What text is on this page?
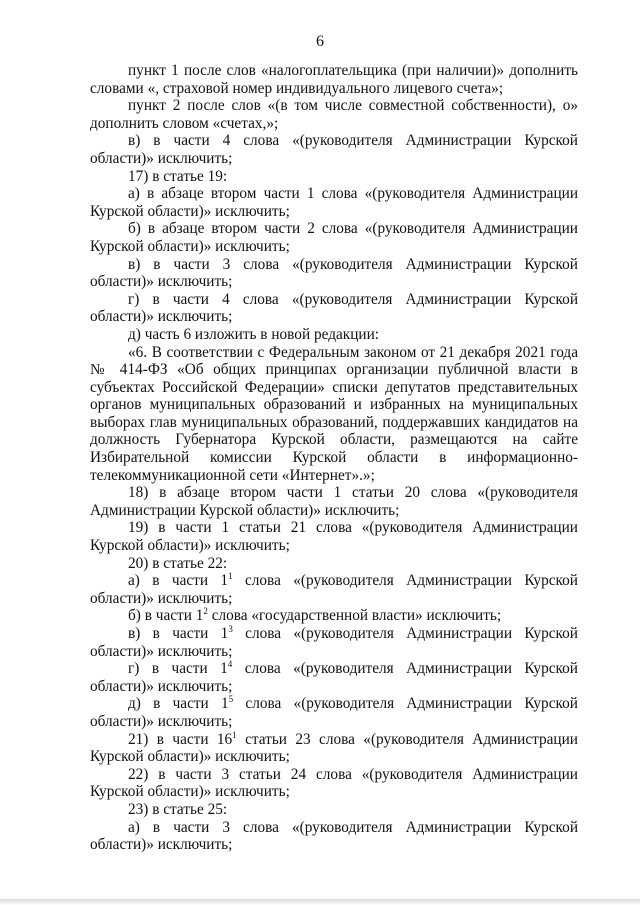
6

пункт 1 после слов «налогоплательщика (при наличии)» дополнить словами «, страховой номер индивидуального лицевого счета»;

пункт 2 после слов «(в том числе совместной собственности), о» дополнить словом «счетах,»;

в) в части 4 слова «(руководителя Администрации Курской области)» исключить;

17) в статье 19:

а) в абзаце втором части 1 слова «(руководителя Администрации Курской области)» исключить;

б) в абзаце втором части 2 слова «(руководителя Администрации Курской области)» исключить;

в) в части 3 слова «(руководителя Администрации Курской области)» исключить;

г) в части 4 слова «(руководителя Администрации Курской области)» исключить;

д) часть 6 изложить в новой редакции:

«6. В соответствии с Федеральным законом от 21 декабря 2021 года № 414-ФЗ «Об общих принципах организации публичной власти в субъектах Российской Федерации» списки депутатов представительных органов муниципальных образований и избранных на муниципальных выборах глав муниципальных образований, поддержавших кандидатов на должность Губернатора Курской области, размещаются на сайте Избирательной комиссии Курской области в информационно-телекоммуникационной сети «Интернет».»;

18) в абзаце втором части 1 статьи 20 слова «(руководителя Администрации Курской области)» исключить;

19) в части 1 статьи 21 слова «(руководителя Администрации Курской области)» исключить;

20) в статье 22:

а) в части $1^1$ слова «(руководителя Администрации Курской области)» исключить;

б) в части $1^2$ слова «государственной власти» исключить;

в) в части $1^3$ слова «(руководителя Администрации Курской области)» исключить;

г) в части $1^4$ слова «(руководителя Администрации Курской области)» исключить;

д) в части $1^5$ слова «(руководителя Администрации Курской области)» исключить;

21) в части $16^1$ статьи 23 слова «(руководителя Администрации Курской области)» исключить;

22) в части 3 статьи 24 слова «(руководителя Администрации Курской области)» исключить;

23) в статье 25:

а) в части 3 слова «(руководителя Администрации Курской области)» исключить;
